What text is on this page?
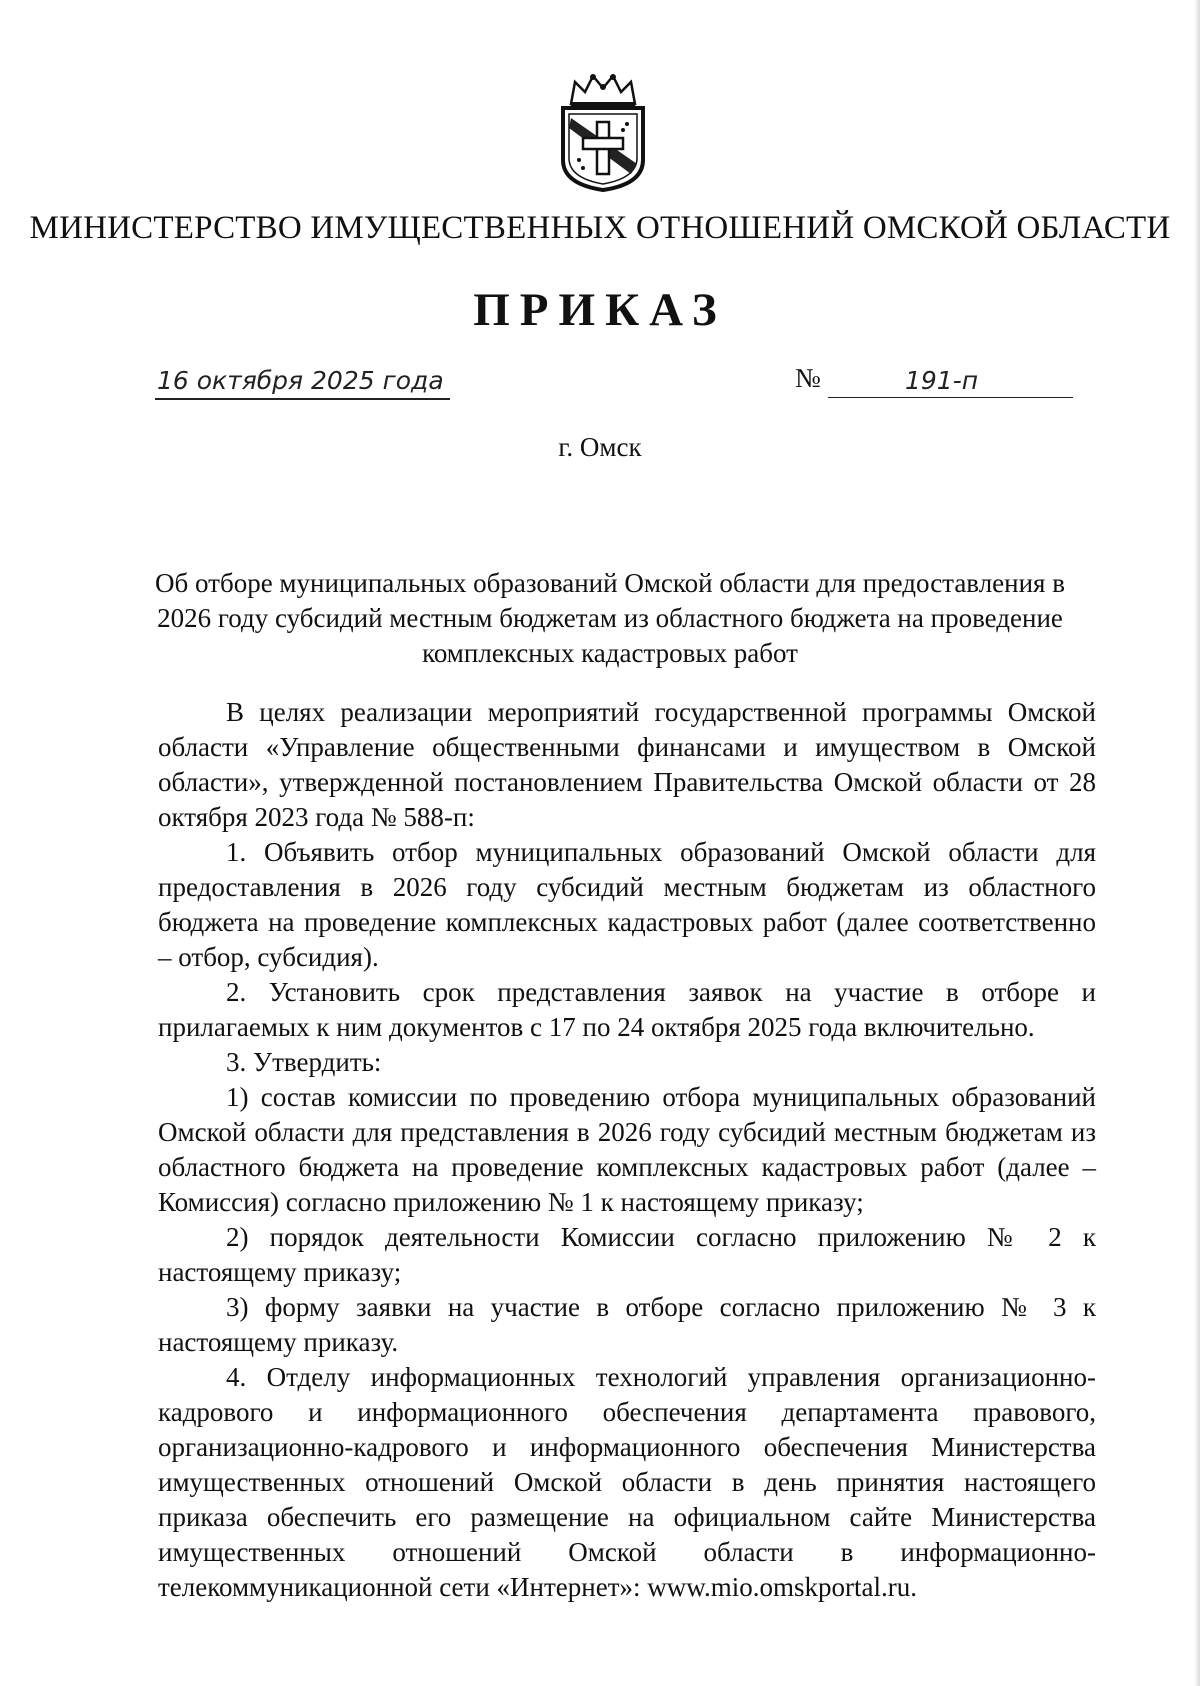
МИНИСТЕРСТВО ИМУЩЕСТВЕННЫХ ОТНОШЕНИЙ ОМСКОЙ ОБЛАСТИ
ПРИКАЗ
16 октября 2025 года	№	191-п
г. Омск
Об отборе муниципальных образований Омской области для предоставления в 2026 году субсидий местным бюджетам из областного бюджета на проведение комплексных кадастровых работ

В целях реализации мероприятий государственной программы Омской области «Управление общественными финансами и имуществом в Омской области», утвержденной постановлением Правительства Омской области от 28 октября 2023 года № 588-п:

1. Объявить отбор муниципальных образований Омской области для предоставления в 2026 году субсидий местным бюджетам из областного бюджета на проведение комплексных кадастровых работ (далее соответственно – отбор, субсидия).

2. Установить срок представления заявок на участие в отборе и прилагаемых к ним документов с 17 по 24 октября 2025 года включительно.

3. Утвердить:

1) состав комиссии по проведению отбора муниципальных образований Омской области для представления в 2026 году субсидий местным бюджетам из областного бюджета на проведение комплексных кадастровых работ (далее – Комиссия) согласно приложению № 1 к настоящему приказу;

2) порядок деятельности Комиссии согласно приложению № 2 к настоящему приказу;

3) форму заявки на участие в отборе согласно приложению № 3 к настоящему приказу.

4. Отделу информационных технологий управления организационно-кадрового и информационного обеспечения департамента правового, организационно-кадрового и информационного обеспечения Министерства имущественных отношений Омской области в день принятия настоящего приказа обеспечить его размещение на официальном сайте Министерства имущественных отношений Омской области в информационно-телекоммуникационной сети «Интернет»: www.mio.omskportal.ru.
